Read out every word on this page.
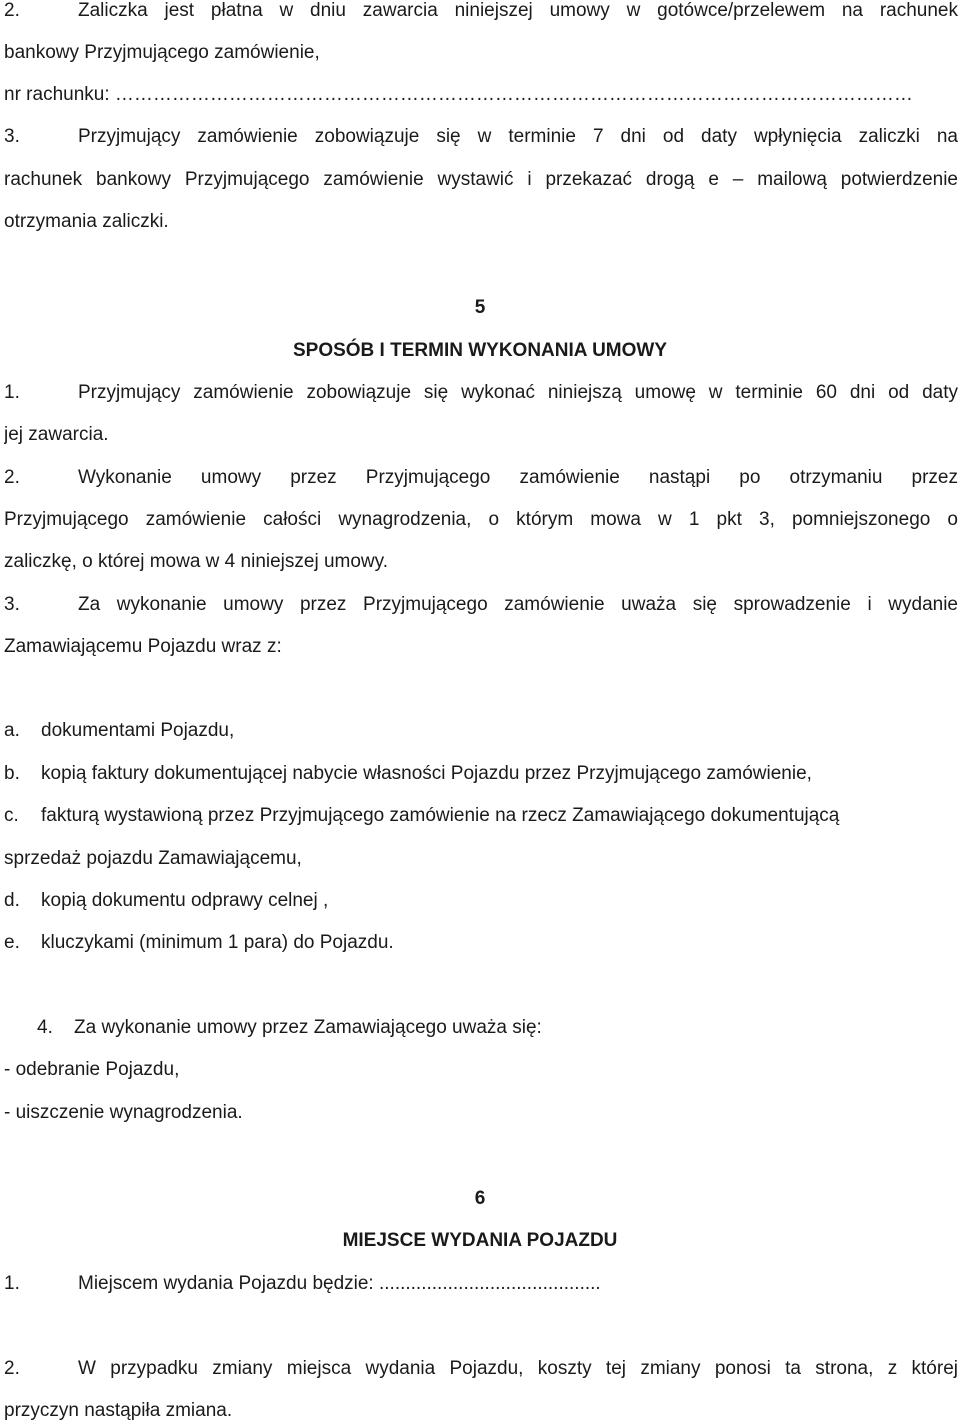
2.	Zaliczka jest płatna w dniu zawarcia niniejszej umowy w gotówce/przelewem na rachunek
bankowy Przyjmującego zamówienie,
nr rachunku: ………………………………………………………………………………………………………………
3.	Przyjmujący zamówienie zobowiązuje się w terminie 7 dni od daty wpłynięcia zaliczki na
rachunek bankowy Przyjmującego zamówienie wystawić i przekazać drogą e – mailową potwierdzenie
otrzymania zaliczki.
5
SPOSÓB I TERMIN WYKONANIA UMOWY
1.	Przyjmujący zamówienie zobowiązuje się wykonać niniejszą umowę w terminie 60 dni od daty
jej zawarcia.
2.	Wykonanie umowy przez Przyjmującego zamówienie nastąpi po otrzymaniu przez
Przyjmującego zamówienie całości wynagrodzenia, o którym mowa w 1 pkt 3, pomniejszonego o
zaliczkę, o której mowa w 4 niniejszej umowy.
3.	Za wykonanie umowy przez Przyjmującego zamówienie uważa się sprowadzenie i wydanie
Zamawiającemu Pojazdu wraz z:
a. dokumentami Pojazdu,
b. kopią faktury dokumentującej nabycie własności Pojazdu przez Przyjmującego zamówienie,
c. fakturą wystawioną przez Przyjmującego zamówienie na rzecz Zamawiającego dokumentującą
sprzedaż pojazdu Zamawiającemu,
d. kopią dokumentu odprawy celnej ,
e. kluczykami (minimum 1 para) do Pojazdu.
4. Za wykonanie umowy przez Zamawiającego uważa się:
- odebranie Pojazdu,
- uiszczenie wynagrodzenia.
6
MIEJSCE WYDANIA POJAZDU
1.	Miejscem wydania Pojazdu będzie: ..........................................
2.	W przypadku zmiany miejsca wydania Pojazdu, koszty tej zmiany ponosi ta strona, z której
przyczyn nastąpiła zmiana.
